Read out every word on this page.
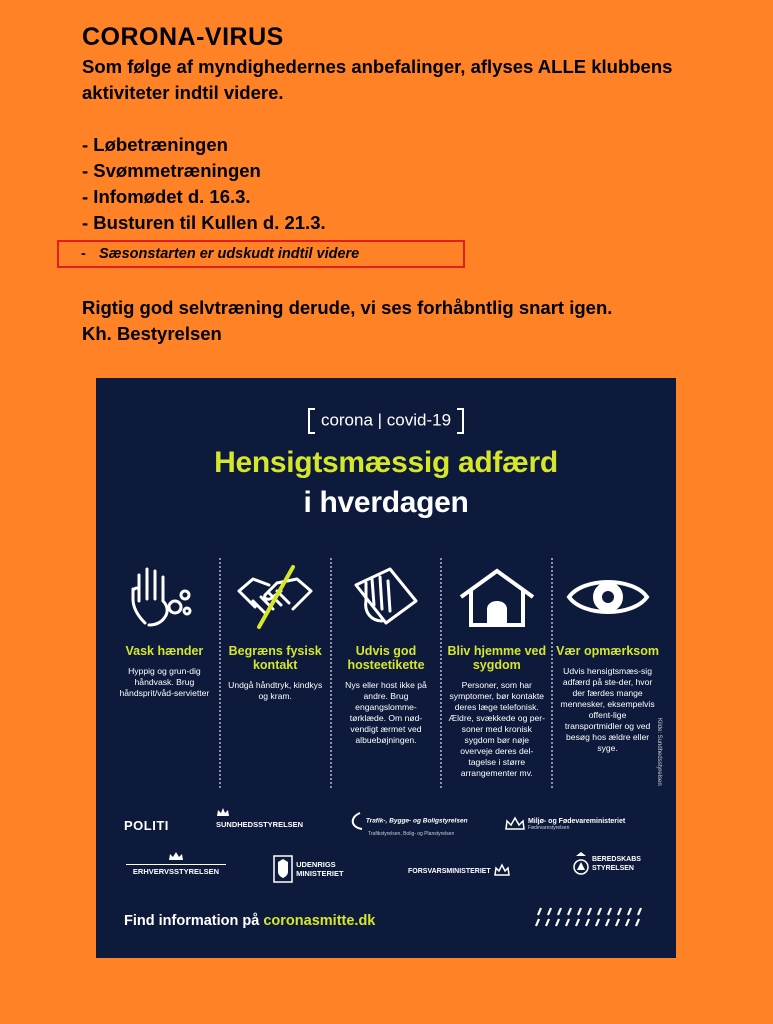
CORONA-VIRUS

Som følge af myndighedernes anbefalinger, aflyses ALLE klubbens aktiviteter indtil videre.

- Løbetræningen
- Svømmetræningen
- Infomødet d. 16.3.
- Busturen til Kullen d. 21.3.
- Sæsonstarten er udskudt indtil videre
Rigtig god selvtræning derude, vi ses forhåbntlig snart igen.
Kh. Bestyrelsen
corona | covid-19
Hensigtsmæssig adfærd
i hverdagen
Vask hænder
Hyppig og grun-dig håndvask. Brug håndsprit/våd-servietter
Begræns fysisk kontakt
Undgå håndtryk, kindkys og kram.
Udvis god hosteetikette
Nys eller host ikke på andre. Brug engangslomme-tørklæde. Om nød-vendigt ærmet ved albuebøjningen.
Bliv hjemme ved sygdom
Personer, som har symptomer, bør kontakte deres læge telefonisk. Ældre, svækkede og per-soner med kronisk sygdom bør nøje overveje deres del-tagelse i større arrangementer mv.
Vær opmærksom
Udvis hensigtsmæs-sig adfærd på ste-der, hvor der færdes mange mennesker, eksempelvis offent-lige transportmidler og ved besøg hos ældre eller syge.	Kilde: Sundhedsstyrelsen
POLITI	SUNDHEDSSTYRELSEN	Trafik-, Bygge- og Boligstyrelsen
Trafikstyrelsen, Bolig- og Planstyrelsen
Miljø- og Fødevareministeriet
Fødevarestyrelsen
ERHVERVSSTYRELSEN
UDENRIGS
MINISTERIET	FORSVARSMINISTERIET
BEREDSKABS
STYRELSEN
Find information på coronasmitte.dk
